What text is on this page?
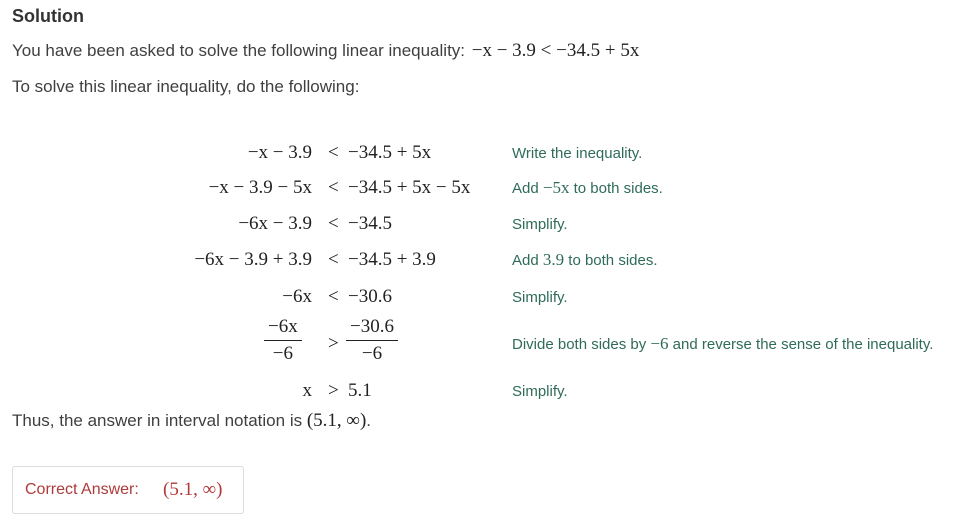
Solution
You have been asked to solve the following linear inequality: −x − 3.9 < −34.5 + 5x
To solve this linear inequality, do the following:
−x − 3.9 < −34.5 + 5x	Write the inequality.
−x − 3.9 − 5x < −34.5 + 5x − 5x	Add −5x to both sides.
−6x − 3.9 < −34.5	Simplify.
−6x − 3.9 + 3.9 < −34.5 + 3.9	Add 3.9 to both sides.
−6x < −30.6	Simplify.
$\frac{-6x}{-6} > \frac{-30.6}{-6}$	Divide both sides by −6 and reverse the sense of the inequality.
x > 5.1	Simplify.
Thus, the answer in interval notation is (5.1, ∞).
Correct Answer: (5.1, ∞)
